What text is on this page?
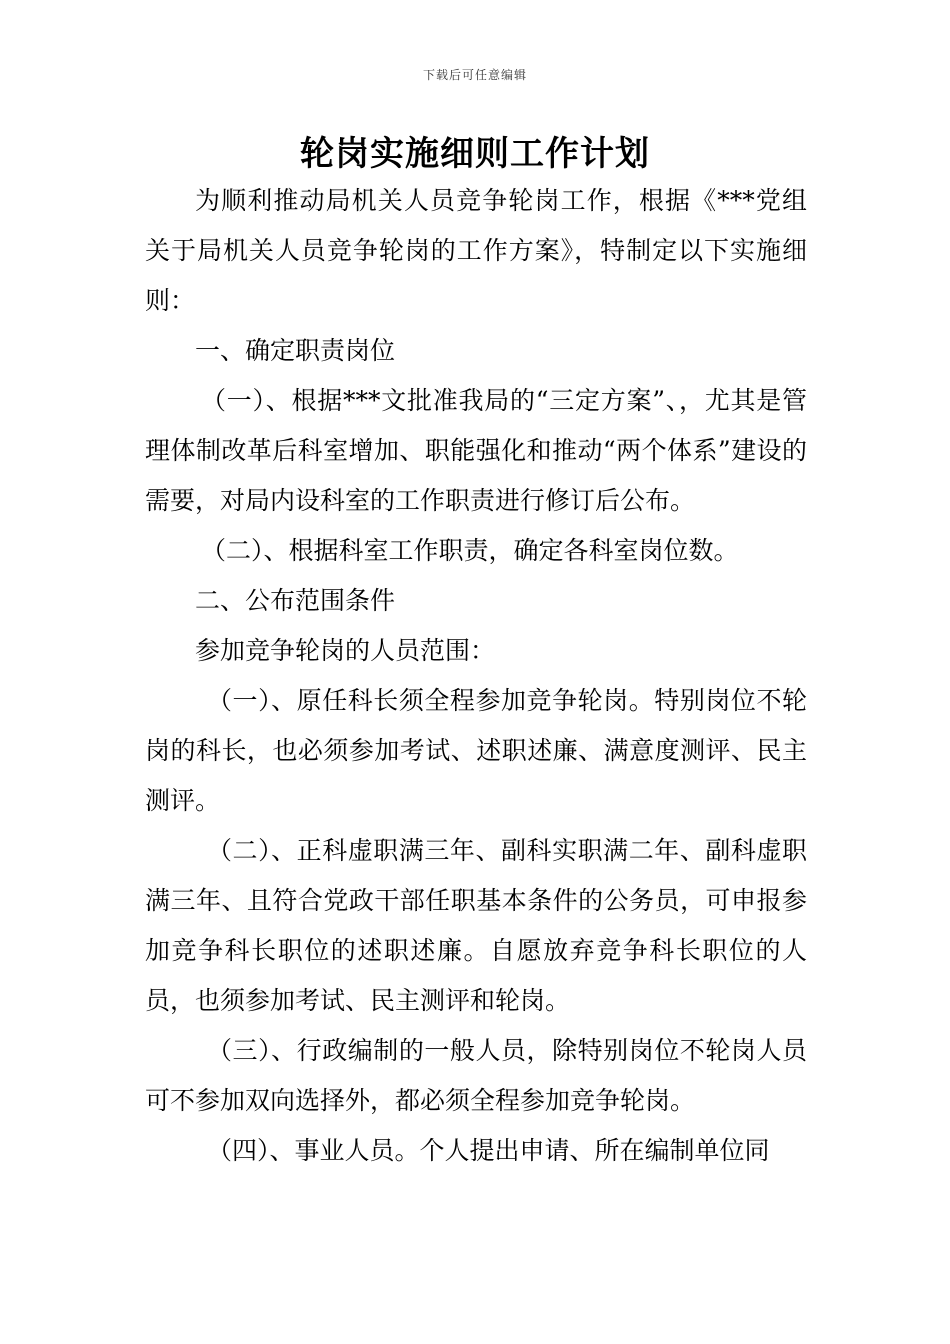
下载后可任意编辑
轮岗实施细则工作计划

为顺利推动局机关人员竞争轮岗工作，根据《***党组关于局机关人员竞争轮岗的工作方案》，特制定以下实施细则：

一、确定职责岗位

（一）、根据***文批准我局的“三定方案”、，尤其是管理体制改革后科室增加、职能强化和推动“两个体系”建设的需要，对局内设科室的工作职责进行修订后公布。

（二）、根据科室工作职责，确定各科室岗位数。

二、公布范围条件

参加竞争轮岗的人员范围：

（一）、原任科长须全程参加竞争轮岗。特别岗位不轮岗的科长，也必须参加考试、述职述廉、满意度测评、民主测评。

（二）、正科虚职满三年、副科实职满二年、副科虚职满三年、且符合党政干部任职基本条件的公务员，可申报参加竞争科长职位的述职述廉。自愿放弃竞争科长职位的人员，也须参加考试、民主测评和轮岗。

（三）、行政编制的一般人员，除特别岗位不轮岗人员可不参加双向选择外，都必须全程参加竞争轮岗。

（四）、事业人员。个人提出申请、所在编制单位同
